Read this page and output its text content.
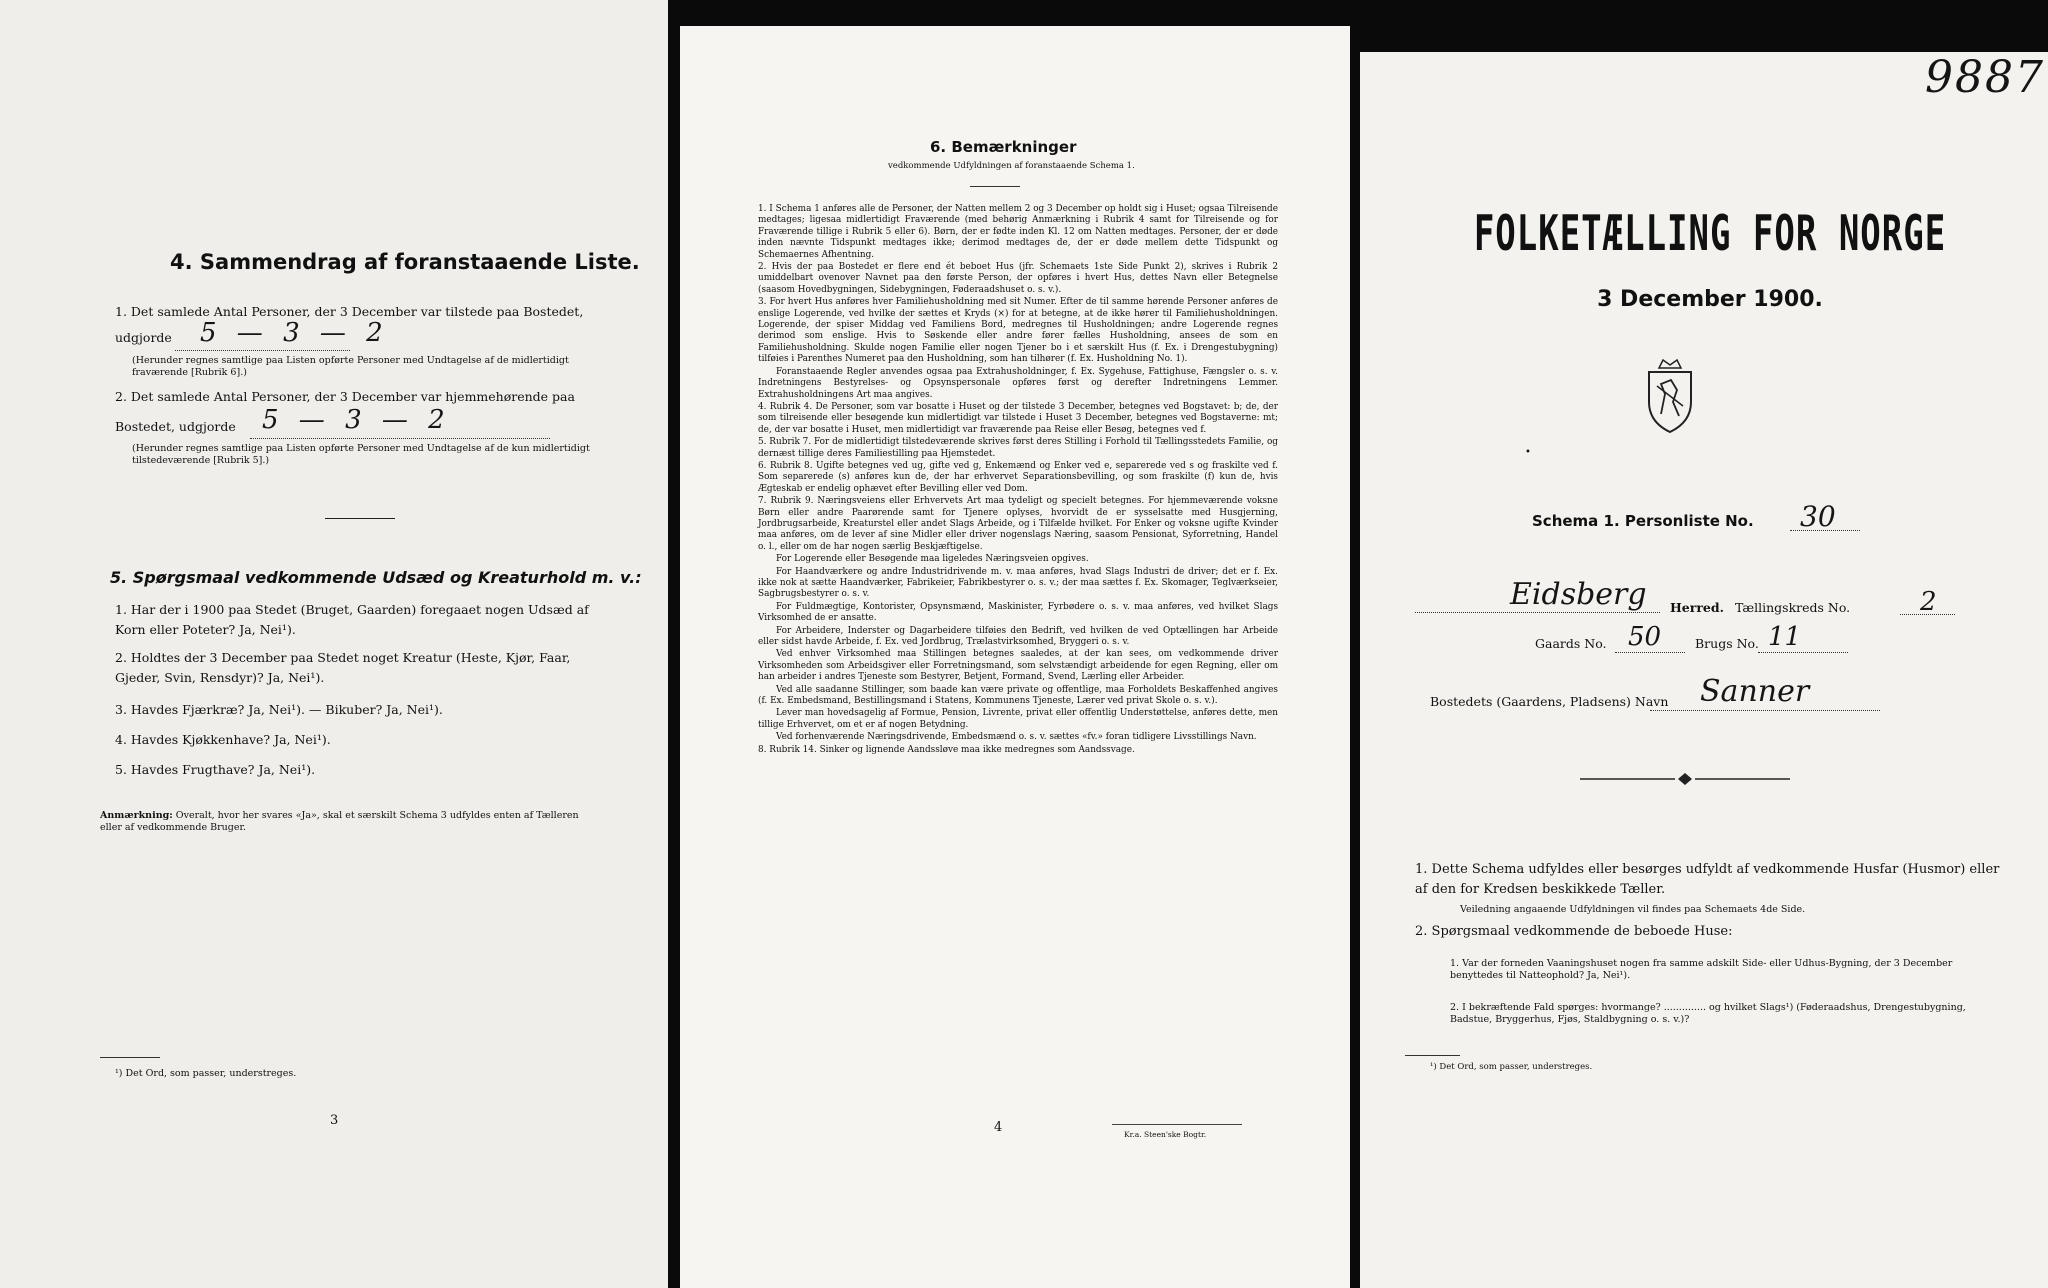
4. Sammendrag af foranstaaende Liste.
1. Det samlede Antal Personer, der 3 December var tilstede paa Bostedet,
udgjorde 5 — 3 — 2
(Herunder regnes samtlige paa Listen opførte Personer med Undtagelse af de midlertidigt fraværende [Rubrik 6].)
2. Det samlede Antal Personer, der 3 December var hjemmehørende paa
Bostedet, udgjorde 5 — 3 — 2
(Herunder regnes samtlige paa Listen opførte Personer med Undtagelse af de kun midlertidigt tilstedeværende [Rubrik 5].)
5. Spørgsmaal vedkommende Udsæd og Kreaturhold m. v.:
1. Har der i 1900 paa Stedet (Bruget, Gaarden) foregaaet nogen Udsæd af Korn eller Poteter? Ja, Nei¹).
2. Holdtes der 3 December paa Stedet noget Kreatur (Heste, Kjør, Faar, Gjeder, Svin, Rensdyr)? Ja, Nei¹).
3. Havdes Fjærkræ? Ja, Nei¹). — Bikuber? Ja, Nei¹).
4. Havdes Kjøkkenhave? Ja, Nei¹).
5. Havdes Frugthave? Ja, Nei¹).
Anmærkning: Overalt, hvor her svares «Ja», skal et særskilt Schema 3 udfyldes enten af Tælleren eller af vedkommende Bruger.
¹) Det Ord, som passer, understreges.
3
6. Bemærkninger
vedkommende Udfyldningen af foranstaaende Schema 1.

1. I Schema 1 anføres alle de Personer, der Natten mellem 2 og 3 December op holdt sig i Huset; ogsaa Tilreisende medtages; ligesaa midlertidigt Fraværende (med behørig Anmærkning i Rubrik 4 samt for Tilreisende og for Fraværende tillige i Rubrik 5 eller 6). Børn, der er fødte inden Kl. 12 om Natten medtages. Personer, der er døde inden nævnte Tidspunkt medtages ikke; derimod medtages de, der er døde mellem dette Tidspunkt og Schemaernes Afhentning.

2. Hvis der paa Bostedet er flere end ét beboet Hus (jfr. Schemaets 1ste Side Punkt 2), skrives i Rubrik 2 umiddelbart ovenover Navnet paa den første Person, der opføres i hvert Hus, dettes Navn eller Betegnelse (saasom Hovedbygningen, Sidebygningen, Føderaadshuset o. s. v.).

3. For hvert Hus anføres hver Familiehusholdning med sit Numer. Efter de til samme hørende Personer anføres de enslige Logerende, ved hvilke der sættes et Kryds (×) for at betegne, at de ikke hører til Familiehusholdningen. Logerende, der spiser Middag ved Familiens Bord, medregnes til Husholdningen; andre Logerende regnes derimod som enslige. Hvis to Søskende eller andre fører fælles Husholdning, ansees de som en Familiehusholdning. Skulde nogen Familie eller nogen Tjener bo i et særskilt Hus (f. Ex. i Drengestubygning) tilføies i Parenthes Numeret paa den Husholdning, som han tilhører (f. Ex. Husholdning No. 1).

Foranstaaende Regler anvendes ogsaa paa Extrahusholdninger, f. Ex. Sygehuse, Fattighuse, Fængsler o. s. v. Indretningens Bestyrelses- og Opsynspersonale opføres først og derefter Indretningens Lemmer. Extrahusholdningens Art maa angives.

4. Rubrik 4. De Personer, som var bosatte i Huset og der tilstede 3 December, betegnes ved Bogstavet: b; de, der som tilreisende eller besøgende kun midlertidigt var tilstede i Huset 3 December, betegnes ved Bogstaverne: mt; de, der var bosatte i Huset, men midlertidigt var fraværende paa Reise eller Besøg, betegnes ved f.

5. Rubrik 7. For de midlertidigt tilstedeværende skrives først deres Stilling i Forhold til Tællingsstedets Familie, og dernæst tillige deres Familiestilling paa Hjemstedet.

6. Rubrik 8. Ugifte betegnes ved ug, gifte ved g, Enkemænd og Enker ved e, separerede ved s og fraskilte ved f. Som separerede (s) anføres kun de, der har erhvervet Separationsbevilling, og som fraskilte (f) kun de, hvis Ægteskab er endelig ophævet efter Bevilling eller ved Dom.

7. Rubrik 9. Næringsveiens eller Erhvervets Art maa tydeligt og specielt betegnes. For hjemmeværende voksne Børn eller andre Paarørende samt for Tjenere oplyses, hvorvidt de er sysselsatte med Husgjerning, Jordbrugsarbeide, Kreaturstel eller andet Slags Arbeide, og i Tilfælde hvilket. For Enker og voksne ugifte Kvinder maa anføres, om de lever af sine Midler eller driver nogenslags Næring, saasom Pensionat, Syforretning, Handel o. l., eller om de har nogen særlig Beskjæftigelse.

For Logerende eller Besøgende maa ligeledes Næringsveien opgives.

For Haandværkere og andre Industridrivende m. v. maa anføres, hvad Slags Industri de driver; det er f. Ex. ikke nok at sætte Haandværker, Fabrikeier, Fabrikbestyrer o. s. v.; der maa sættes f. Ex. Skomager, Teglværkseier, Sagbrugsbestyrer o. s. v.

For Fuldmægtige, Kontorister, Opsynsmænd, Maskinister, Fyrbødere o. s. v. maa anføres, ved hvilket Slags Virksomhed de er ansatte.

For Arbeidere, Inderster og Dagarbeidere tilføies den Bedrift, ved hvilken de ved Optællingen har Arbeide eller sidst havde Arbeide, f. Ex. ved Jordbrug, Trælastvirksomhed, Bryggeri o. s. v.

Ved enhver Virksomhed maa Stillingen betegnes saaledes, at der kan sees, om vedkommende driver Virksomheden som Arbeidsgiver eller Forretningsmand, som selvstændigt arbeidende for egen Regning, eller om han arbeider i andres Tjeneste som Bestyrer, Betjent, Formand, Svend, Lærling eller Arbeider.

Ved alle saadanne Stillinger, som baade kan være private og offentlige, maa Forholdets Beskaffenhed angives (f. Ex. Embedsmand, Bestillingsmand i Statens, Kommunens Tjeneste, Lærer ved privat Skole o. s. v.).

Lever man hovedsagelig af Formue, Pension, Livrente, privat eller offentlig Understøttelse, anføres dette, men tillige Erhvervet, om et er af nogen Betydning.

Ved forhenværende Næringsdrivende, Embedsmænd o. s. v. sættes «fv.» foran tidligere Livsstillings Navn.

8. Rubrik 14. Sinker og lignende Aandssløve maa ikke medregnes som Aandssvage.

4	Kr.a. Steen'ske Bogtr.
9887
FOLKETÆLLING FOR NORGE
3 December 1900.
•
Schema 1. Personliste No. 30
Eidsberg Herred. Tællingskreds No.	2
Gaards No. 50	Brugs No. 11
Bostedets (Gaardens, Pladsens) Navn Sanner
1. Dette Schema udfyldes eller besørges udfyldt af vedkommende Husfar (Husmor) eller af den for Kredsen beskikkede Tæller.
Veiledning angaaende Udfyldningen vil findes paa Schemaets 4de Side.
2. Spørgsmaal vedkommende de beboede Huse:
1. Var der forneden Vaaningshuset nogen fra samme adskilt Side- eller Udhus-Bygning, der 3 December benyttedes til Natteophold? Ja, Nei¹).
2. I bekræftende Fald spørges: hvormange? .............. og hvilket Slags¹) (Føderaadshus, Drengestubygning, Badstue, Bryggerhus, Fjøs, Staldbygning o. s. v.)?
¹) Det Ord, som passer, understreges.
